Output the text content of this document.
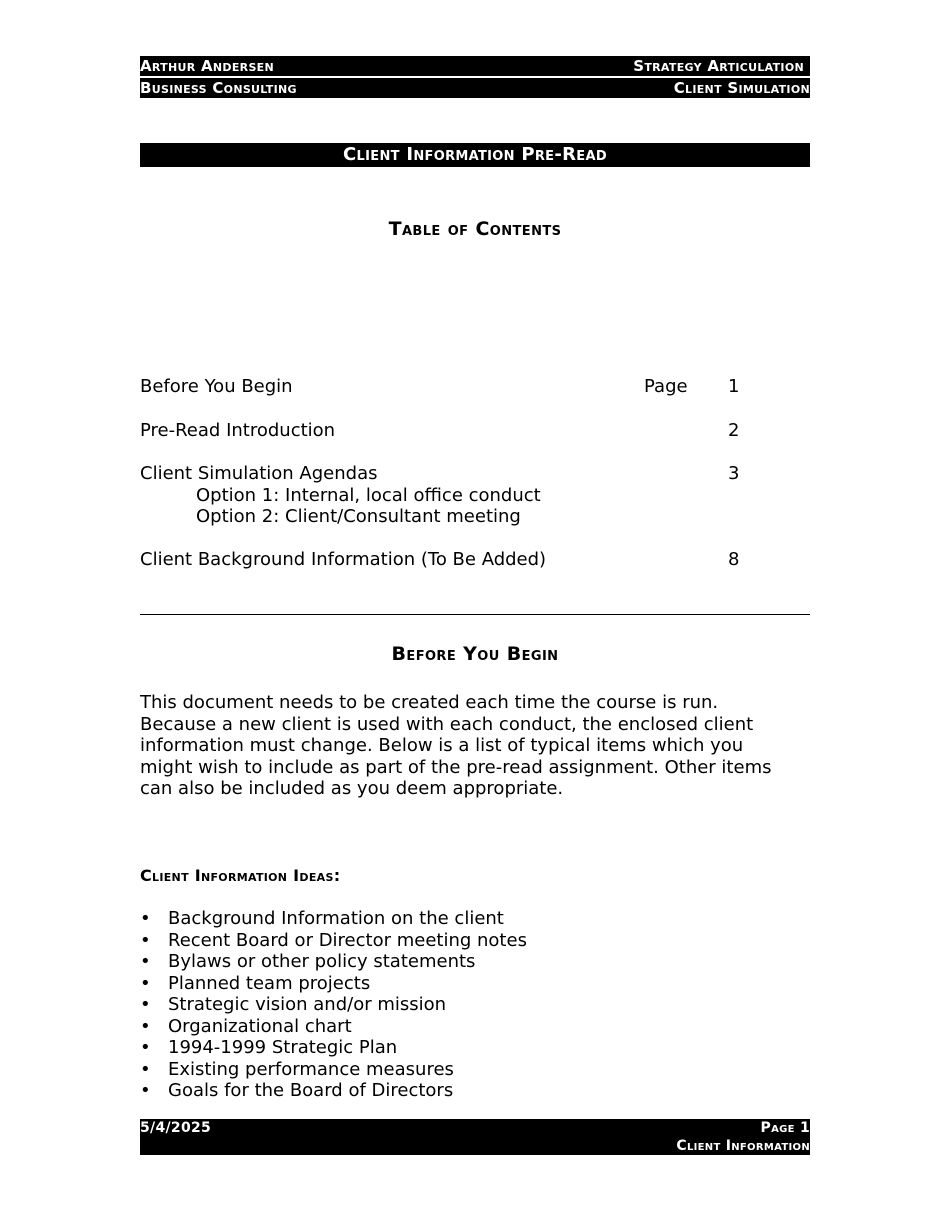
Arthur Andersen	Strategy Articulation
Business Consulting	Client Simulation
Client Information Pre-Read
Table of Contents
Before You Begin	Page 1
Pre-Read Introduction	2
Client Simulation Agendas	3
Option 1: Internal, local office conduct
Option 2: Client/Consultant meeting
Client Background Information (To Be Added)	8
Before You Begin
This document needs to be created each time the course is run.
Because a new client is used with each conduct, the enclosed client
information must change. Below is a list of typical items which you
might wish to include as part of the pre-read assignment. Other items
can also be included as you deem appropriate.
Client Information Ideas:
• Background Information on the client
• Recent Board or Director meeting notes
• Bylaws or other policy statements
• Planned team projects
• Strategic vision and/or mission
• Organizational chart
• 1994-1999 Strategic Plan
• Existing performance measures
• Goals for the Board of Directors
5/4/2025	Page 1
Client Information
